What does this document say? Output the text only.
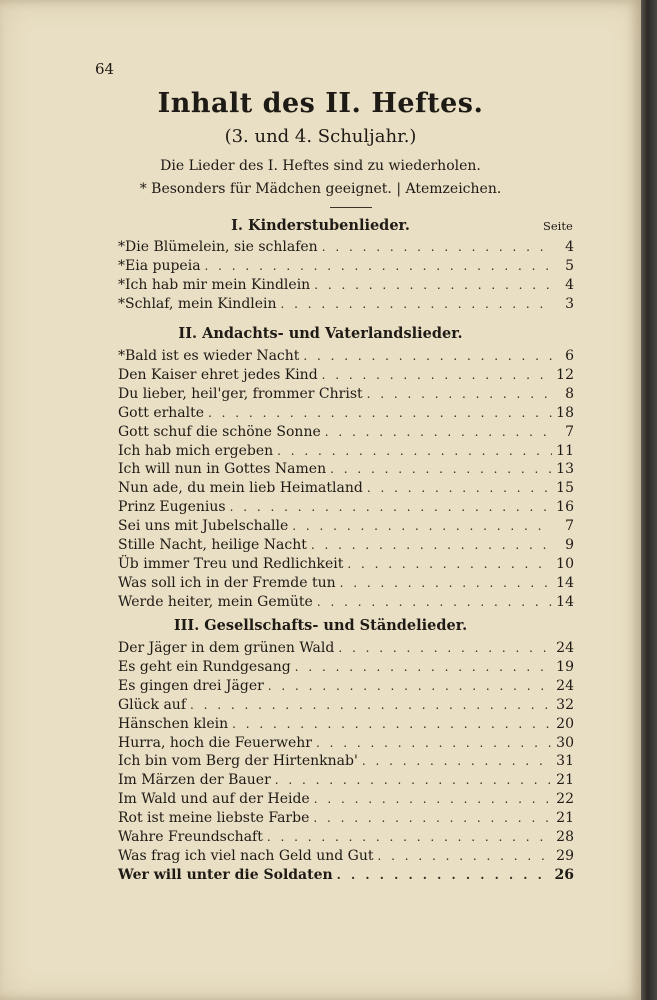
64
Inhalt des II. Heftes.
(3. und 4. Schuljahr.)
Die Lieder des I. Heftes sind zu wiederholen.
* Besonders für Mädchen geeignet. | Atemzeichen.
Seite
I. Kinderstubenlieder.
*Die Blümelein, sie schlafen . . .	4
*Eia pupeia . . .	5
*Ich hab mir mein Kindlein . . .	4
*Schlaf, mein Kindlein . . .	3
II. Andachts- und Vaterlandslieder.
*Bald ist es wieder Nacht . . .	6
Den Kaiser ehret jedes Kind . . .	12
Du lieber, heil'ger, frommer Christ . . .	8
Gott erhalte . . .	18
Gott schuf die schöne Sonne . . .	7
Ich hab mich ergeben . . .	11
Ich will nun in Gottes Namen . . .	13
Nun ade, du mein lieb Heimatland . . .	15
Prinz Eugenius . . .	16
Sei uns mit Jubelschalle . . .	7
Stille Nacht, heilige Nacht . . .	9
Üb immer Treu und Redlichkeit . . .	10
Was soll ich in der Fremde tun . . .	14
Werde heiter, mein Gemüte . . .	14
III. Gesellschafts- und Ständelieder.
Der Jäger in dem grünen Wald . . .	24
Es geht ein Rundgesang . . .	19
Es gingen drei Jäger . . .	24
Glück auf . . .	32
Hänschen klein . . .	20
Hurra, hoch die Feuerwehr . . .	30
Ich bin vom Berg der Hirtenknab' . . .	31
Im Märzen der Bauer . . .	21
Im Wald und auf der Heide . . .	22
Rot ist meine liebste Farbe . . .	21
Wahre Freundschaft . . .	28
Was frag ich viel nach Geld und Gut . . .	29
Wer will unter die Soldaten . . .	26
